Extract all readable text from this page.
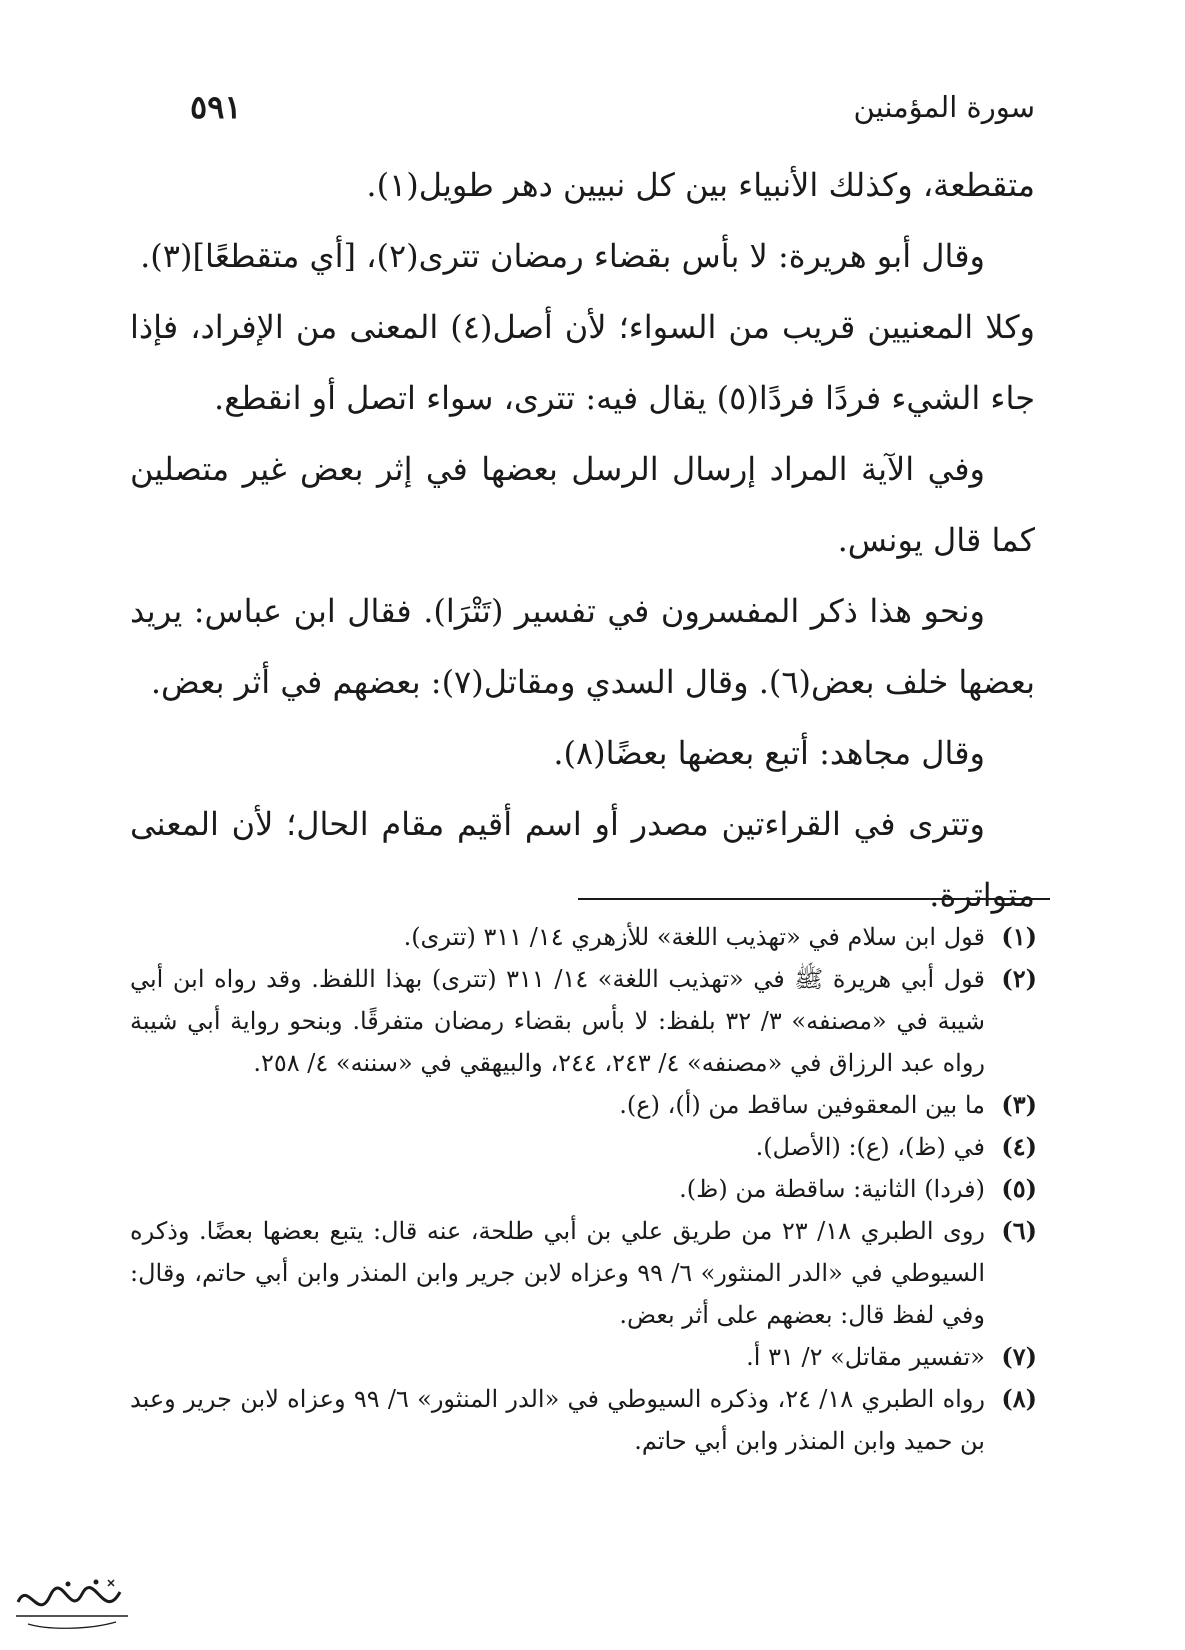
سورة المؤمنين
٥٩١

متقطعة، وكذلك الأنبياء بين كل نبيين دهر طويل(١).

وقال أبو هريرة: لا بأس بقضاء رمضان تترى(٢)، [أي متقطعًا](٣).

وكلا المعنيين قريب من السواء؛ لأن أصل(٤) المعنى من الإفراد، فإذا جاء الشيء فردًا فردًا(٥) يقال فيه: تترى، سواء اتصل أو انقطع.

وفي الآية المراد إرسال الرسل بعضها في إثر بعض غير متصلين كما قال يونس.

ونحو هذا ذكر المفسرون في تفسير (تَتْرَا). فقال ابن عباس: يريد بعضها خلف بعض(٦). وقال السدي ومقاتل(٧): بعضهم في أثر بعض.

وقال مجاهد: أتبع بعضها بعضًا(٨).

وتترى في القراءتين مصدر أو اسم أقيم مقام الحال؛ لأن المعنى متواترة.

(١)
قول ابن سلام في «تهذيب اللغة» للأزهري ١٤/ ٣١١ (تترى).
(٢)
قول أبي هريرة ﷺ في «تهذيب اللغة» ١٤/ ٣١١ (تترى) بهذا اللفظ. وقد رواه ابن أبي شيبة في «مصنفه» ٣/ ٣٢ بلفظ: لا بأس بقضاء رمضان متفرقًا. وبنحو رواية أبي شيبة رواه عبد الرزاق في «مصنفه» ٤/ ٢٤٣، ٢٤٤، والبيهقي في «سننه» ٤/ ٢٥٨.
(٣)
ما بين المعقوفين ساقط من (أ)، (ع).
(٤)
في (ظ)، (ع): (الأصل).
(٥)
(فردا) الثانية: ساقطة من (ظ).
(٦)
روى الطبري ١٨/ ٢٣ من طريق علي بن أبي طلحة، عنه قال: يتبع بعضها بعضًا. وذكره السيوطي في «الدر المنثور» ٦/ ٩٩ وعزاه لابن جرير وابن المنذر وابن أبي حاتم، وقال: وفي لفظ قال: بعضهم على أثر بعض.
(٧)
«تفسير مقاتل» ٢/ ٣١ أ.
(٨)
رواه الطبري ١٨/ ٢٤، وذكره السيوطي في «الدر المنثور» ٦/ ٩٩ وعزاه لابن جرير وعبد بن حميد وابن المنذر وابن أبي حاتم.
